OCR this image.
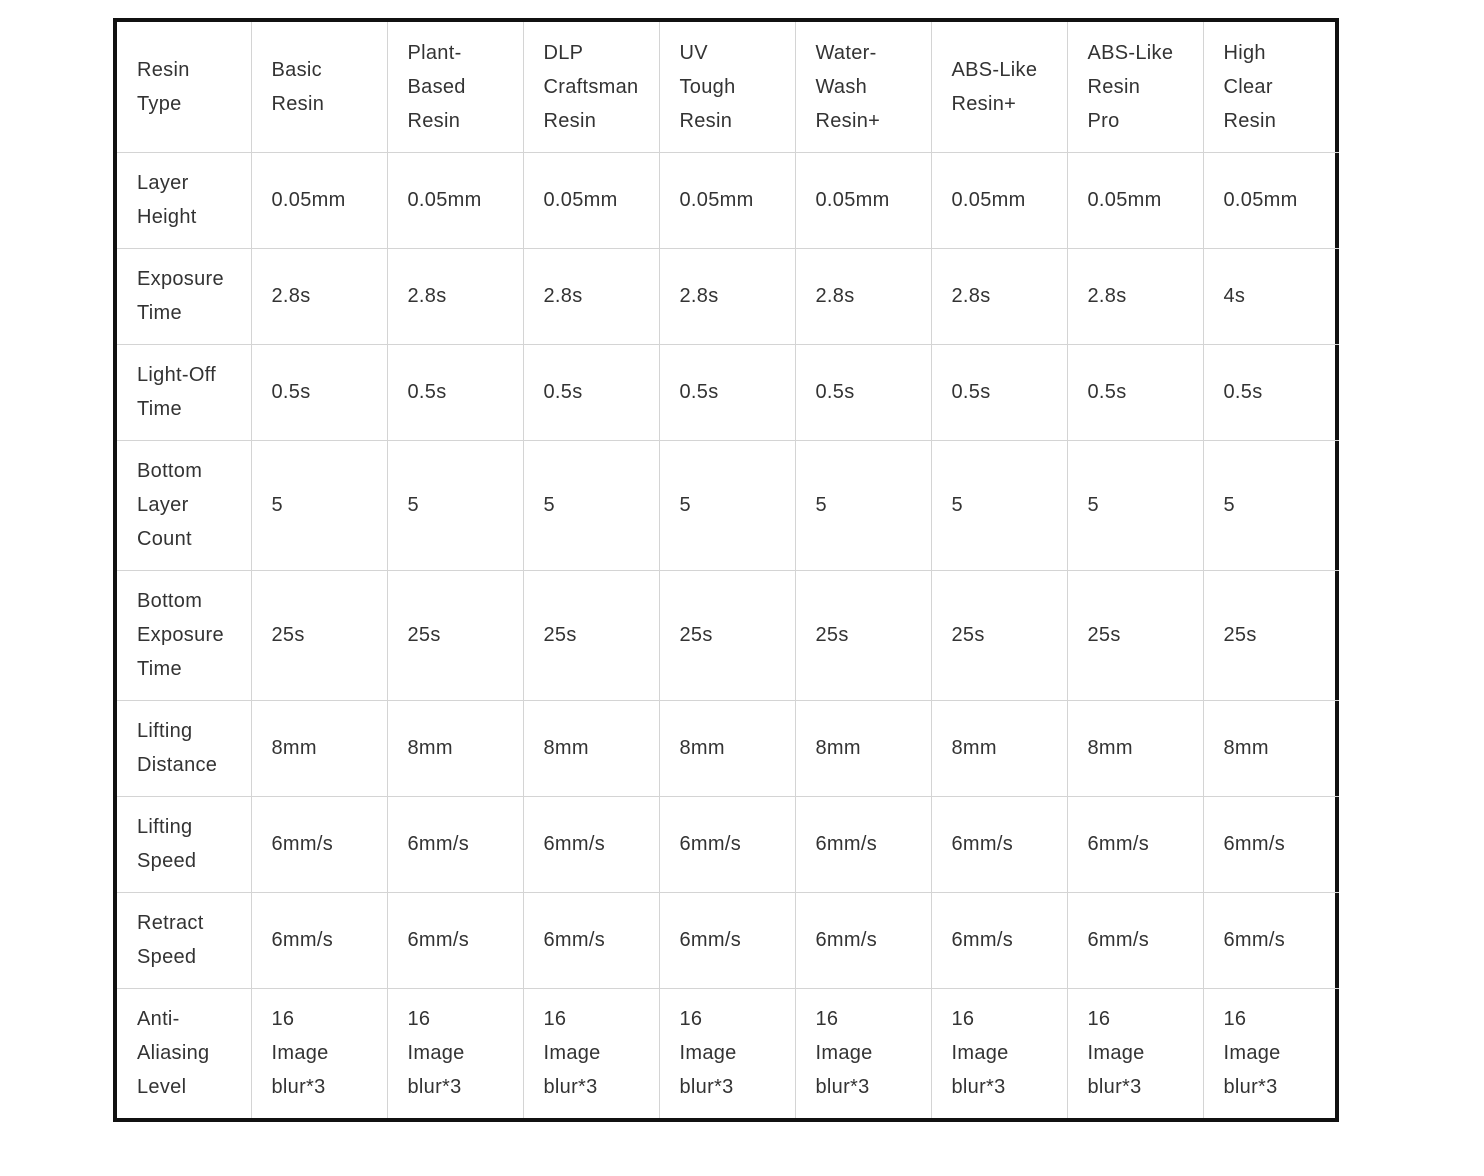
Resin
Type	Basic
Resin	Plant-
Based
Resin	DLP
Craftsman
Resin	UV
Tough
Resin	Water-
Wash
Resin+	ABS-Like
Resin+	ABS-Like
Resin
Pro	High
Clear
Resin

Layer
Height	0.05mm	0.05mm	0.05mm	0.05mm	0.05mm	0.05mm	0.05mm	0.05mm

Exposure
Time	2.8s	2.8s	2.8s	2.8s	2.8s	2.8s	2.8s	4s

Light-Off
Time	0.5s	0.5s	0.5s	0.5s	0.5s	0.5s	0.5s	0.5s

Bottom
Layer
Count	5	5	5	5	5	5	5	5

Bottom
Exposure
Time	25s	25s	25s	25s	25s	25s	25s	25s

Lifting
Distance	8mm	8mm	8mm	8mm	8mm	8mm	8mm	8mm

Lifting
Speed	6mm/s	6mm/s	6mm/s	6mm/s	6mm/s	6mm/s	6mm/s	6mm/s

Retract
Speed	6mm/s	6mm/s	6mm/s	6mm/s	6mm/s	6mm/s	6mm/s	6mm/s

Anti-
Aliasing
Level	16
Image
blur*3	16
Image
blur*3	16
Image
blur*3	16
Image
blur*3	16
Image
blur*3	16
Image
blur*3	16
Image
blur*3	16
Image
blur*3
